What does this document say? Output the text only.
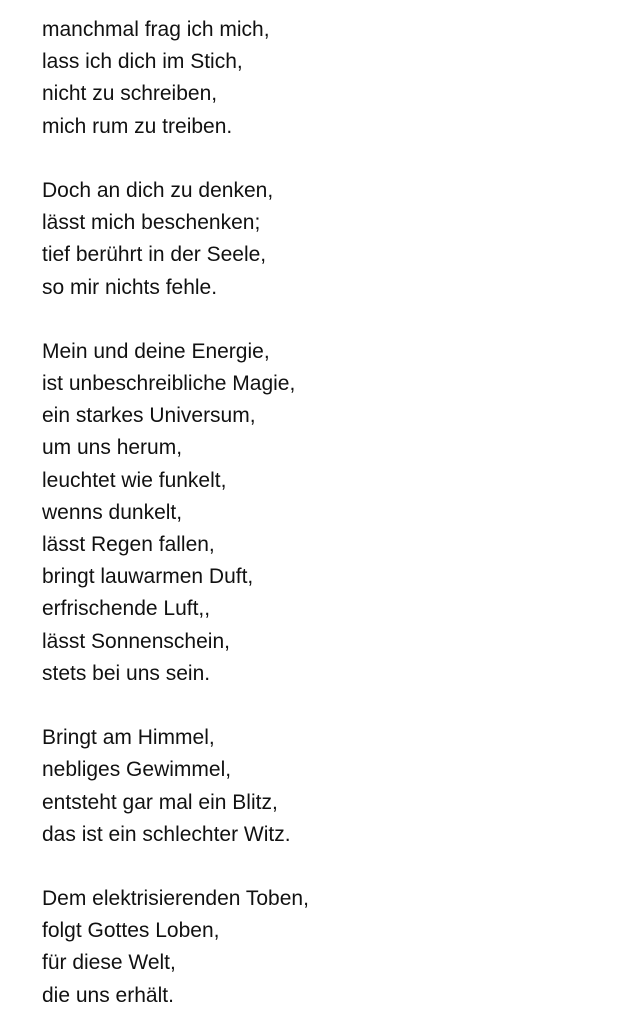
manchmal frag ich mich,
lass ich dich im Stich,
nicht zu schreiben,
mich rum zu treiben.
Doch an dich zu denken,
lässt mich beschenken;
tief berührt in der Seele,
so mir nichts fehle.
Mein und deine Energie,
ist unbeschreibliche Magie,
ein starkes Universum,
um uns herum,
leuchtet wie funkelt,
wenns dunkelt,
lässt Regen fallen,
bringt lauwarmen Duft,
erfrischende Luft,,
lässt Sonnenschein,
stets bei uns sein.
Bringt am Himmel,
nebliges Gewimmel,
entsteht gar mal ein Blitz,
das ist ein schlechter Witz.
Dem elektrisierenden Toben,
folgt Gottes Loben,
für diese Welt,
die uns erhält.
